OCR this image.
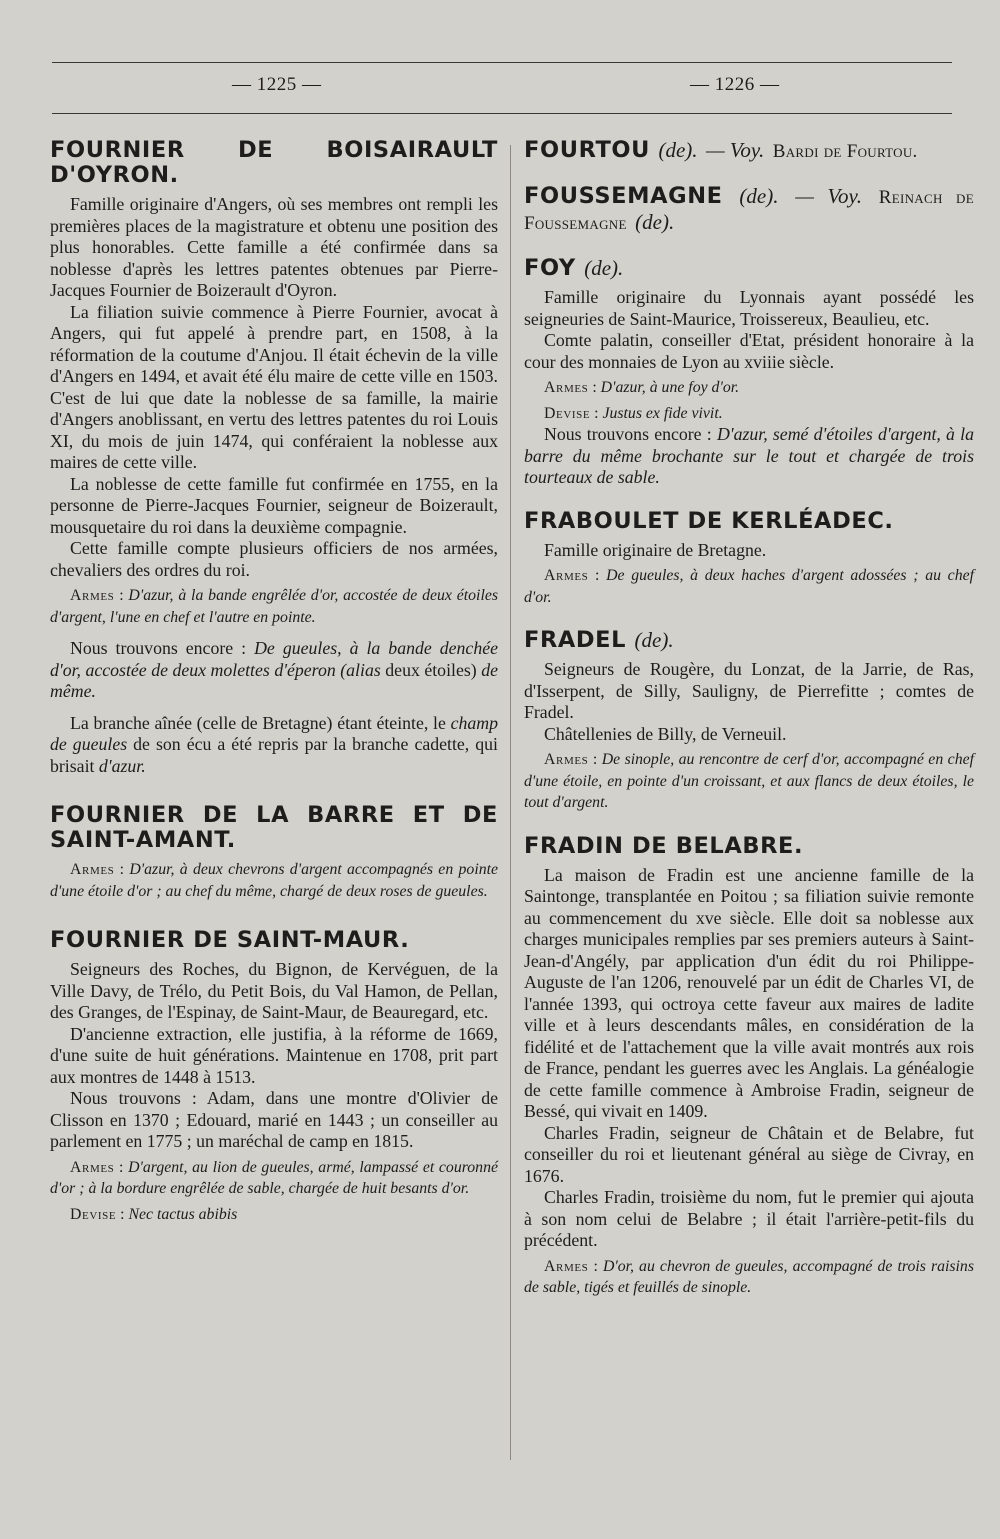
— 1225 —	— 1226 —
FOURNIER DE BOISAIRAULT D'OYRON.

Famille originaire d'Angers, où ses membres ont rempli les premières places de la magistrature et obtenu une position des plus honorables. Cette famille a été confirmée dans sa noblesse d'après les lettres patentes obtenues par Pierre-Jacques Fournier de Boizerault d'Oyron.

La filiation suivie commence à Pierre Fournier, avocat à Angers, qui fut appelé à prendre part, en 1508, à la réformation de la coutume d'Anjou. Il était échevin de la ville d'Angers en 1494, et avait été élu maire de cette ville en 1503. C'est de lui que date la noblesse de sa famille, la mairie d'Angers anoblissant, en vertu des lettres patentes du roi Louis XI, du mois de juin 1474, qui conféraient la noblesse aux maires de cette ville.

La noblesse de cette famille fut confirmée en 1755, en la personne de Pierre-Jacques Fournier, seigneur de Boizerault, mousquetaire du roi dans la deuxième compagnie.

Cette famille compte plusieurs officiers de nos armées, chevaliers des ordres du roi.

Armes : D'azur, à la bande engrêlée d'or, accostée de deux étoiles d'argent, l'une en chef et l'autre en pointe.

Nous trouvons encore : De gueules, à la bande denchée d'or, accostée de deux molettes d'éperon (alias deux étoiles) de même.

La branche aînée (celle de Bretagne) étant éteinte, le champ de gueules de son écu a été repris par la branche cadette, qui brisait d'azur.

FOURNIER DE LA BARRE ET DE SAINT-AMANT.

Armes : D'azur, à deux chevrons d'argent accompagnés en pointe d'une étoile d'or ; au chef du même, chargé de deux roses de gueules.

FOURNIER DE SAINT-MAUR.

Seigneurs des Roches, du Bignon, de Kervéguen, de la Ville Davy, de Trélo, du Petit Bois, du Val Hamon, de Pellan, des Granges, de l'Espinay, de Saint-Maur, de Beauregard, etc.

D'ancienne extraction, elle justifia, à la réforme de 1669, d'une suite de huit générations. Maintenue en 1708, prit part aux montres de 1448 à 1513.

Nous trouvons : Adam, dans une montre d'Olivier de Clisson en 1370 ; Edouard, marié en 1443 ; un conseiller au parlement en 1775 ; un maréchal de camp en 1815.

Armes : D'argent, au lion de gueules, armé, lampassé et couronné d'or ; à la bordure engrêlée de sable, chargée de huit besants d'or.

Devise : Nec tactus abibis

FOURTOU (de). — Voy. Bardi de Fourtou.
FOUSSEMAGNE (de). — Voy. Reinach de Foussemagne (de).
FOY (de).

Famille originaire du Lyonnais ayant possédé les seigneuries de Saint-Maurice, Troissereux, Beaulieu, etc.

Comte palatin, conseiller d'Etat, président honoraire à la cour des monnaies de Lyon au xviiie siècle.

Armes : D'azur, à une foy d'or.

Devise : Justus ex fide vivit.

Nous trouvons encore : D'azur, semé d'étoiles d'argent, à la barre du même brochante sur le tout et chargée de trois tourteaux de sable.

FRABOULET DE KERLÉADEC.

Famille originaire de Bretagne.

Armes : De gueules, à deux haches d'argent adossées ; au chef d'or.

FRADEL (de).

Seigneurs de Rougère, du Lonzat, de la Jarrie, de Ras, d'Isserpent, de Silly, Sauligny, de Pierrefitte ; comtes de Fradel.

Châtellenies de Billy, de Verneuil.

Armes : De sinople, au rencontre de cerf d'or, accompagné en chef d'une étoile, en pointe d'un croissant, et aux flancs de deux étoiles, le tout d'argent.

FRADIN DE BELABRE.

La maison de Fradin est une ancienne famille de la Saintonge, transplantée en Poitou ; sa filiation suivie remonte au commencement du xve siècle. Elle doit sa noblesse aux charges municipales remplies par ses premiers auteurs à Saint-Jean-d'Angély, par application d'un édit du roi Philippe-Auguste de l'an 1206, renouvelé par un édit de Charles VI, de l'année 1393, qui octroya cette faveur aux maires de ladite ville et à leurs descendants mâles, en considération de la fidélité et de l'attachement que la ville avait montrés aux rois de France, pendant les guerres avec les Anglais. La généalogie de cette famille commence à Ambroise Fradin, seigneur de Bessé, qui vivait en 1409.

Charles Fradin, seigneur de Châtain et de Belabre, fut conseiller du roi et lieutenant général au siège de Civray, en 1676.

Charles Fradin, troisième du nom, fut le premier qui ajouta à son nom celui de Belabre ; il était l'arrière-petit-fils du précédent.

Armes : D'or, au chevron de gueules, accompagné de trois raisins de sable, tigés et feuillés de sinople.
